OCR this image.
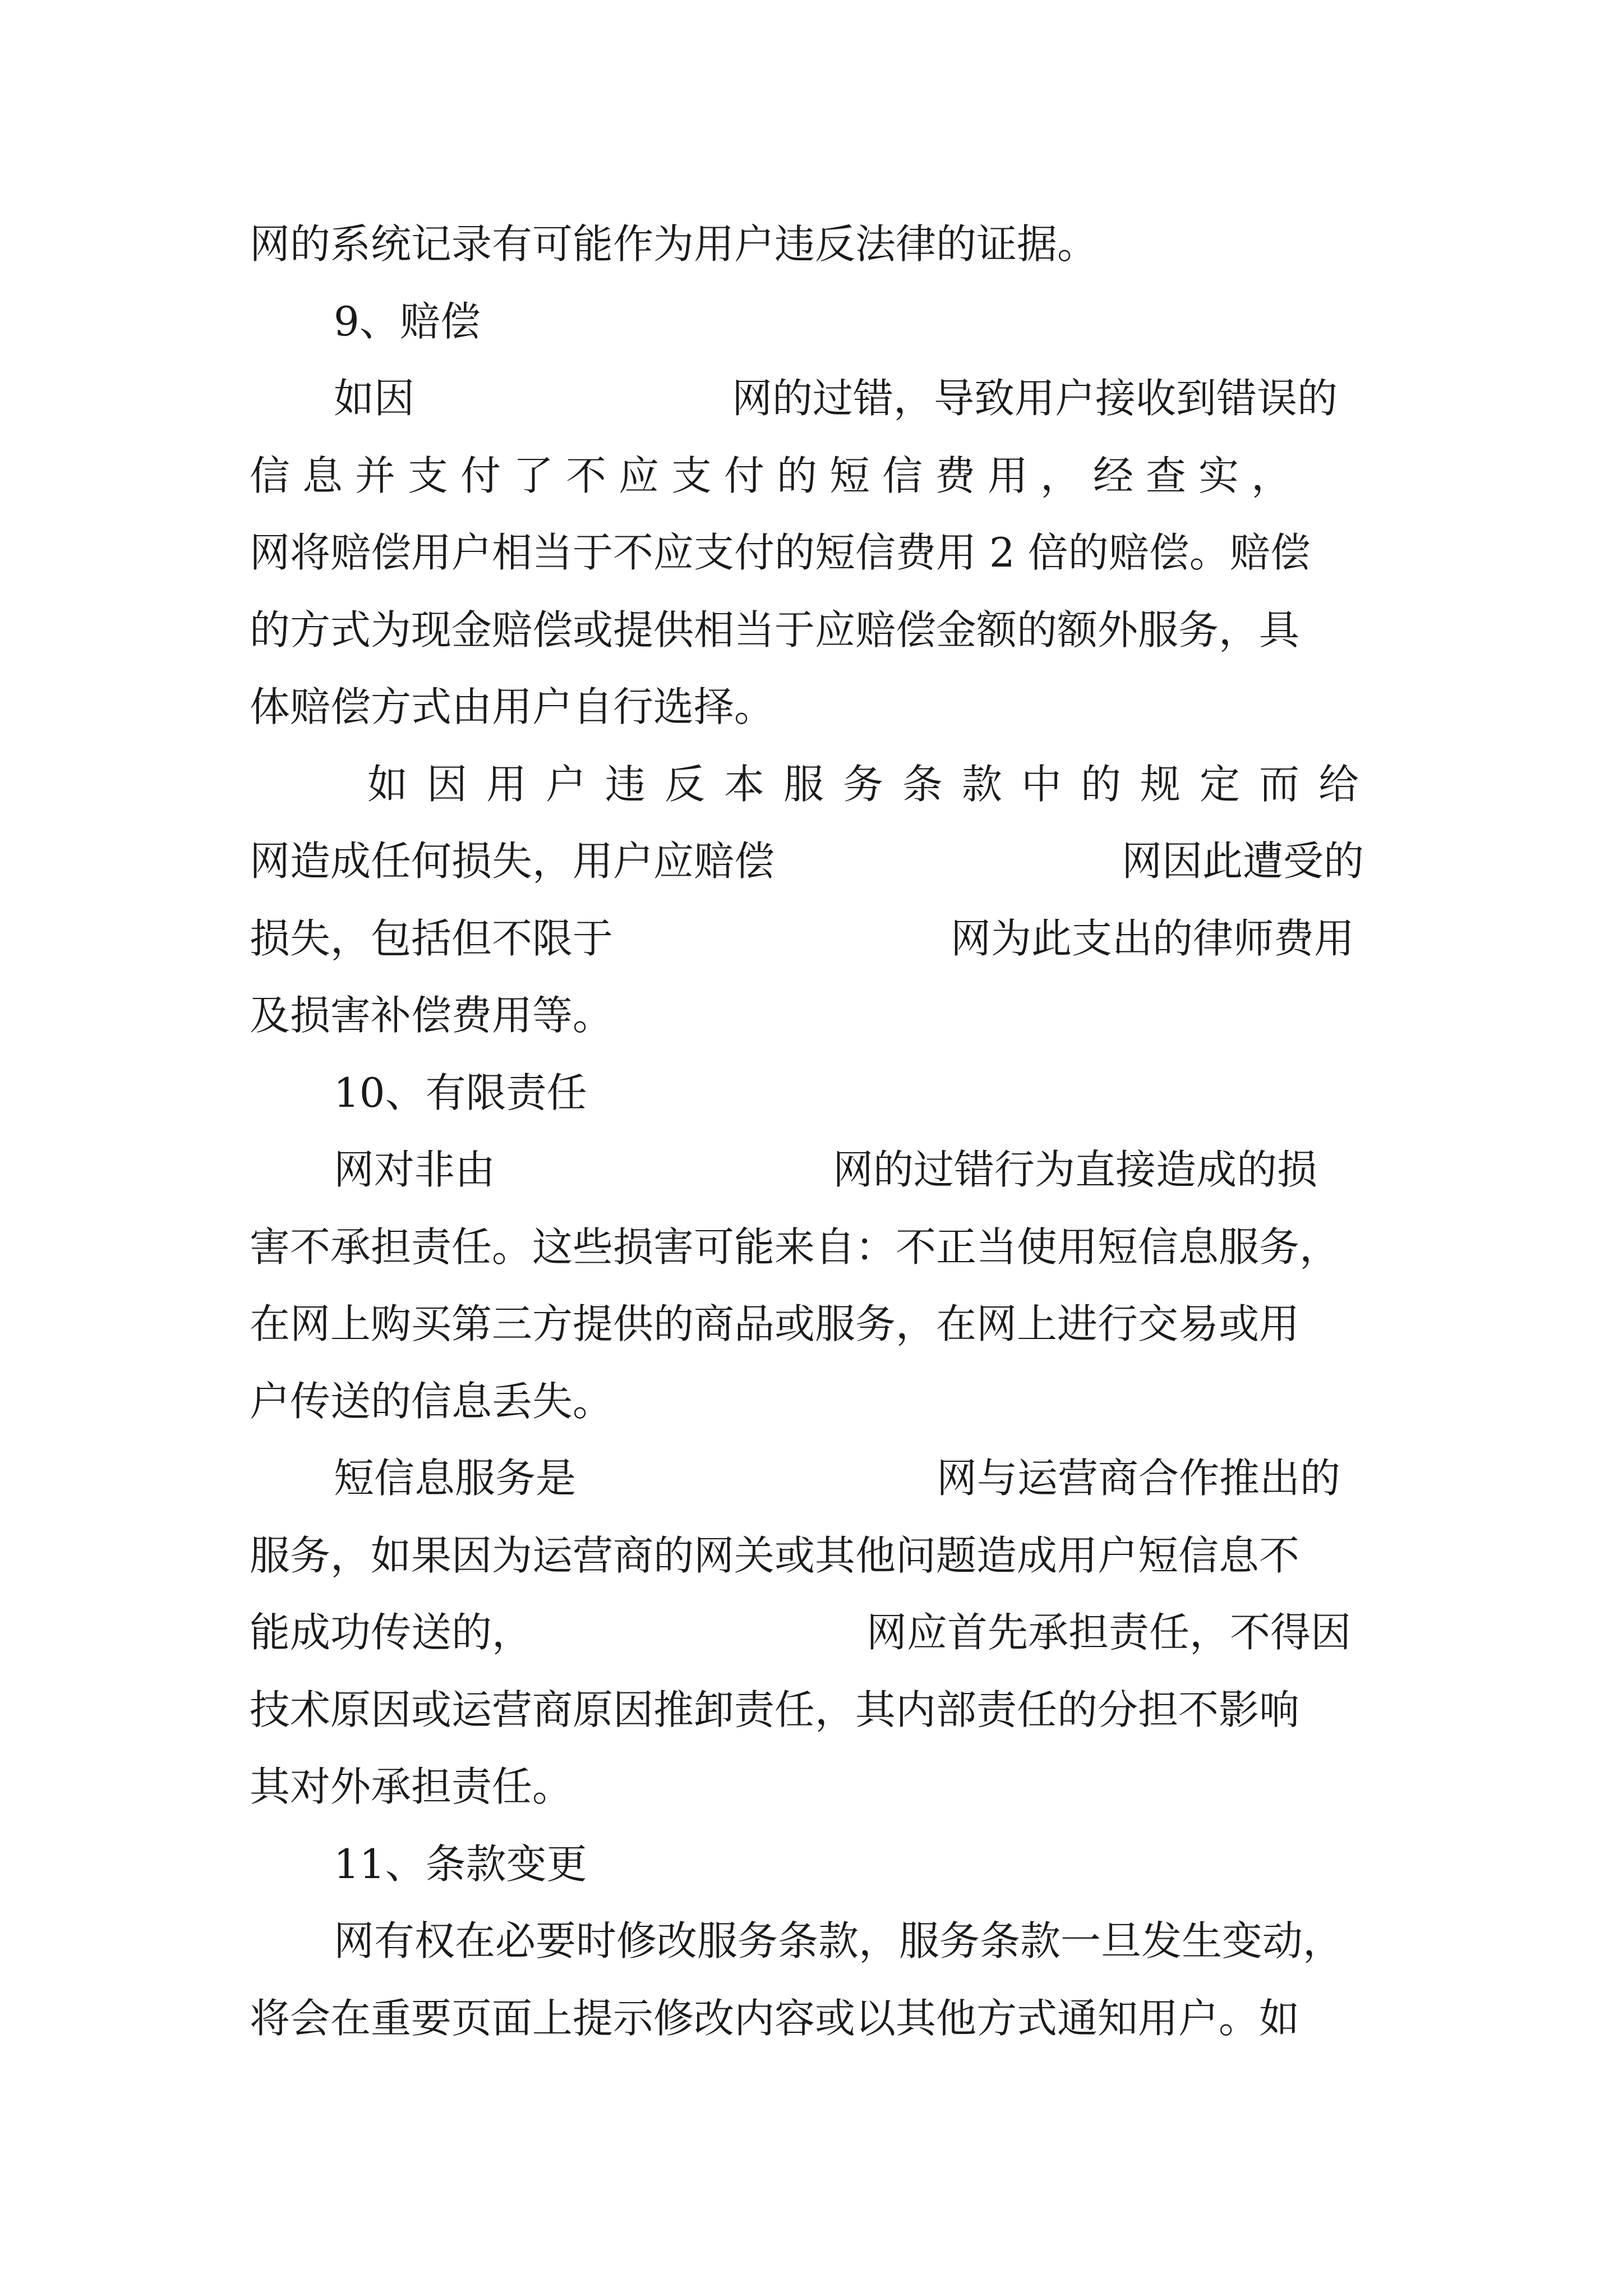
网的系统记录有可能作为用户违反法律的证据。
9、赔偿
如因	网的过错，导致用户接收到错误的
信息并支付了不应支付的短信费用，经查实，
网将赔偿用户相当于不应支付的短信费用 2 倍的赔偿。赔偿
的方式为现金赔偿或提供相当于应赔偿金额的额外服务，具
体赔偿方式由用户自行选择。
如因用户违反本服务条款中的规定而给
网造成任何损失，用户应赔偿	网因此遭受的
损失，包括但不限于	网为此支出的律师费用
及损害补偿费用等。
10、有限责任
网对非由	网的过错行为直接造成的损
害不承担责任。这些损害可能来自：不正当使用短信息服务，
在网上购买第三方提供的商品或服务，在网上进行交易或用
户传送的信息丢失。
短信息服务是	网与运营商合作推出的
服务，如果因为运营商的网关或其他问题造成用户短信息不
能成功传送的，	网应首先承担责任，不得因
技术原因或运营商原因推卸责任，其内部责任的分担不影响
其对外承担责任。
11、条款变更
网有权在必要时修改服务条款，服务条款一旦发生变动，
将会在重要页面上提示修改内容或以其他方式通知用户。如
